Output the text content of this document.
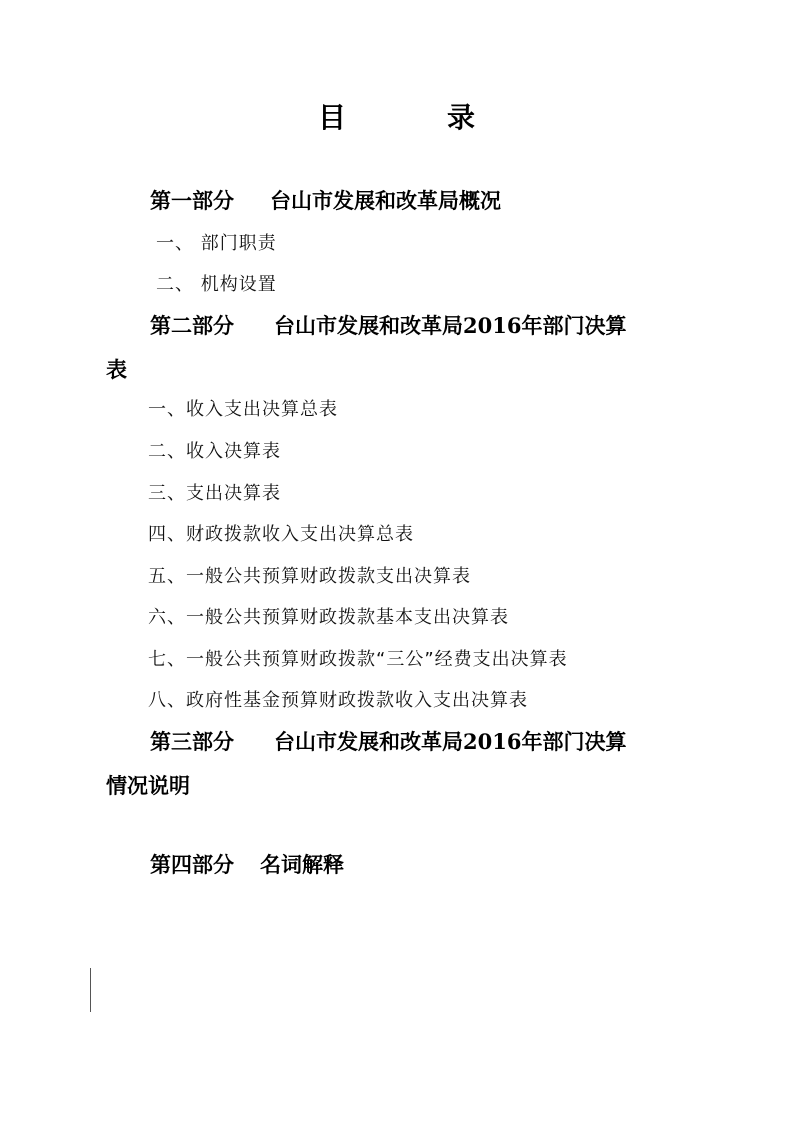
目	录
第一部分 台山市发展和改革局概况
一、 部门职责
二、 机构设置
第二部分 台山市发展和改革局2016年部门决算
表
一、收入支出决算总表
二、收入决算表
三、支出决算表
四、财政拨款收入支出决算总表
五、一般公共预算财政拨款支出决算表
六、一般公共预算财政拨款基本支出决算表
七、一般公共预算财政拨款“三公”经费支出决算表
八、政府性基金预算财政拨款收入支出决算表
第三部分 台山市发展和改革局2016年部门决算
情况说明
第四部分 名词解释
